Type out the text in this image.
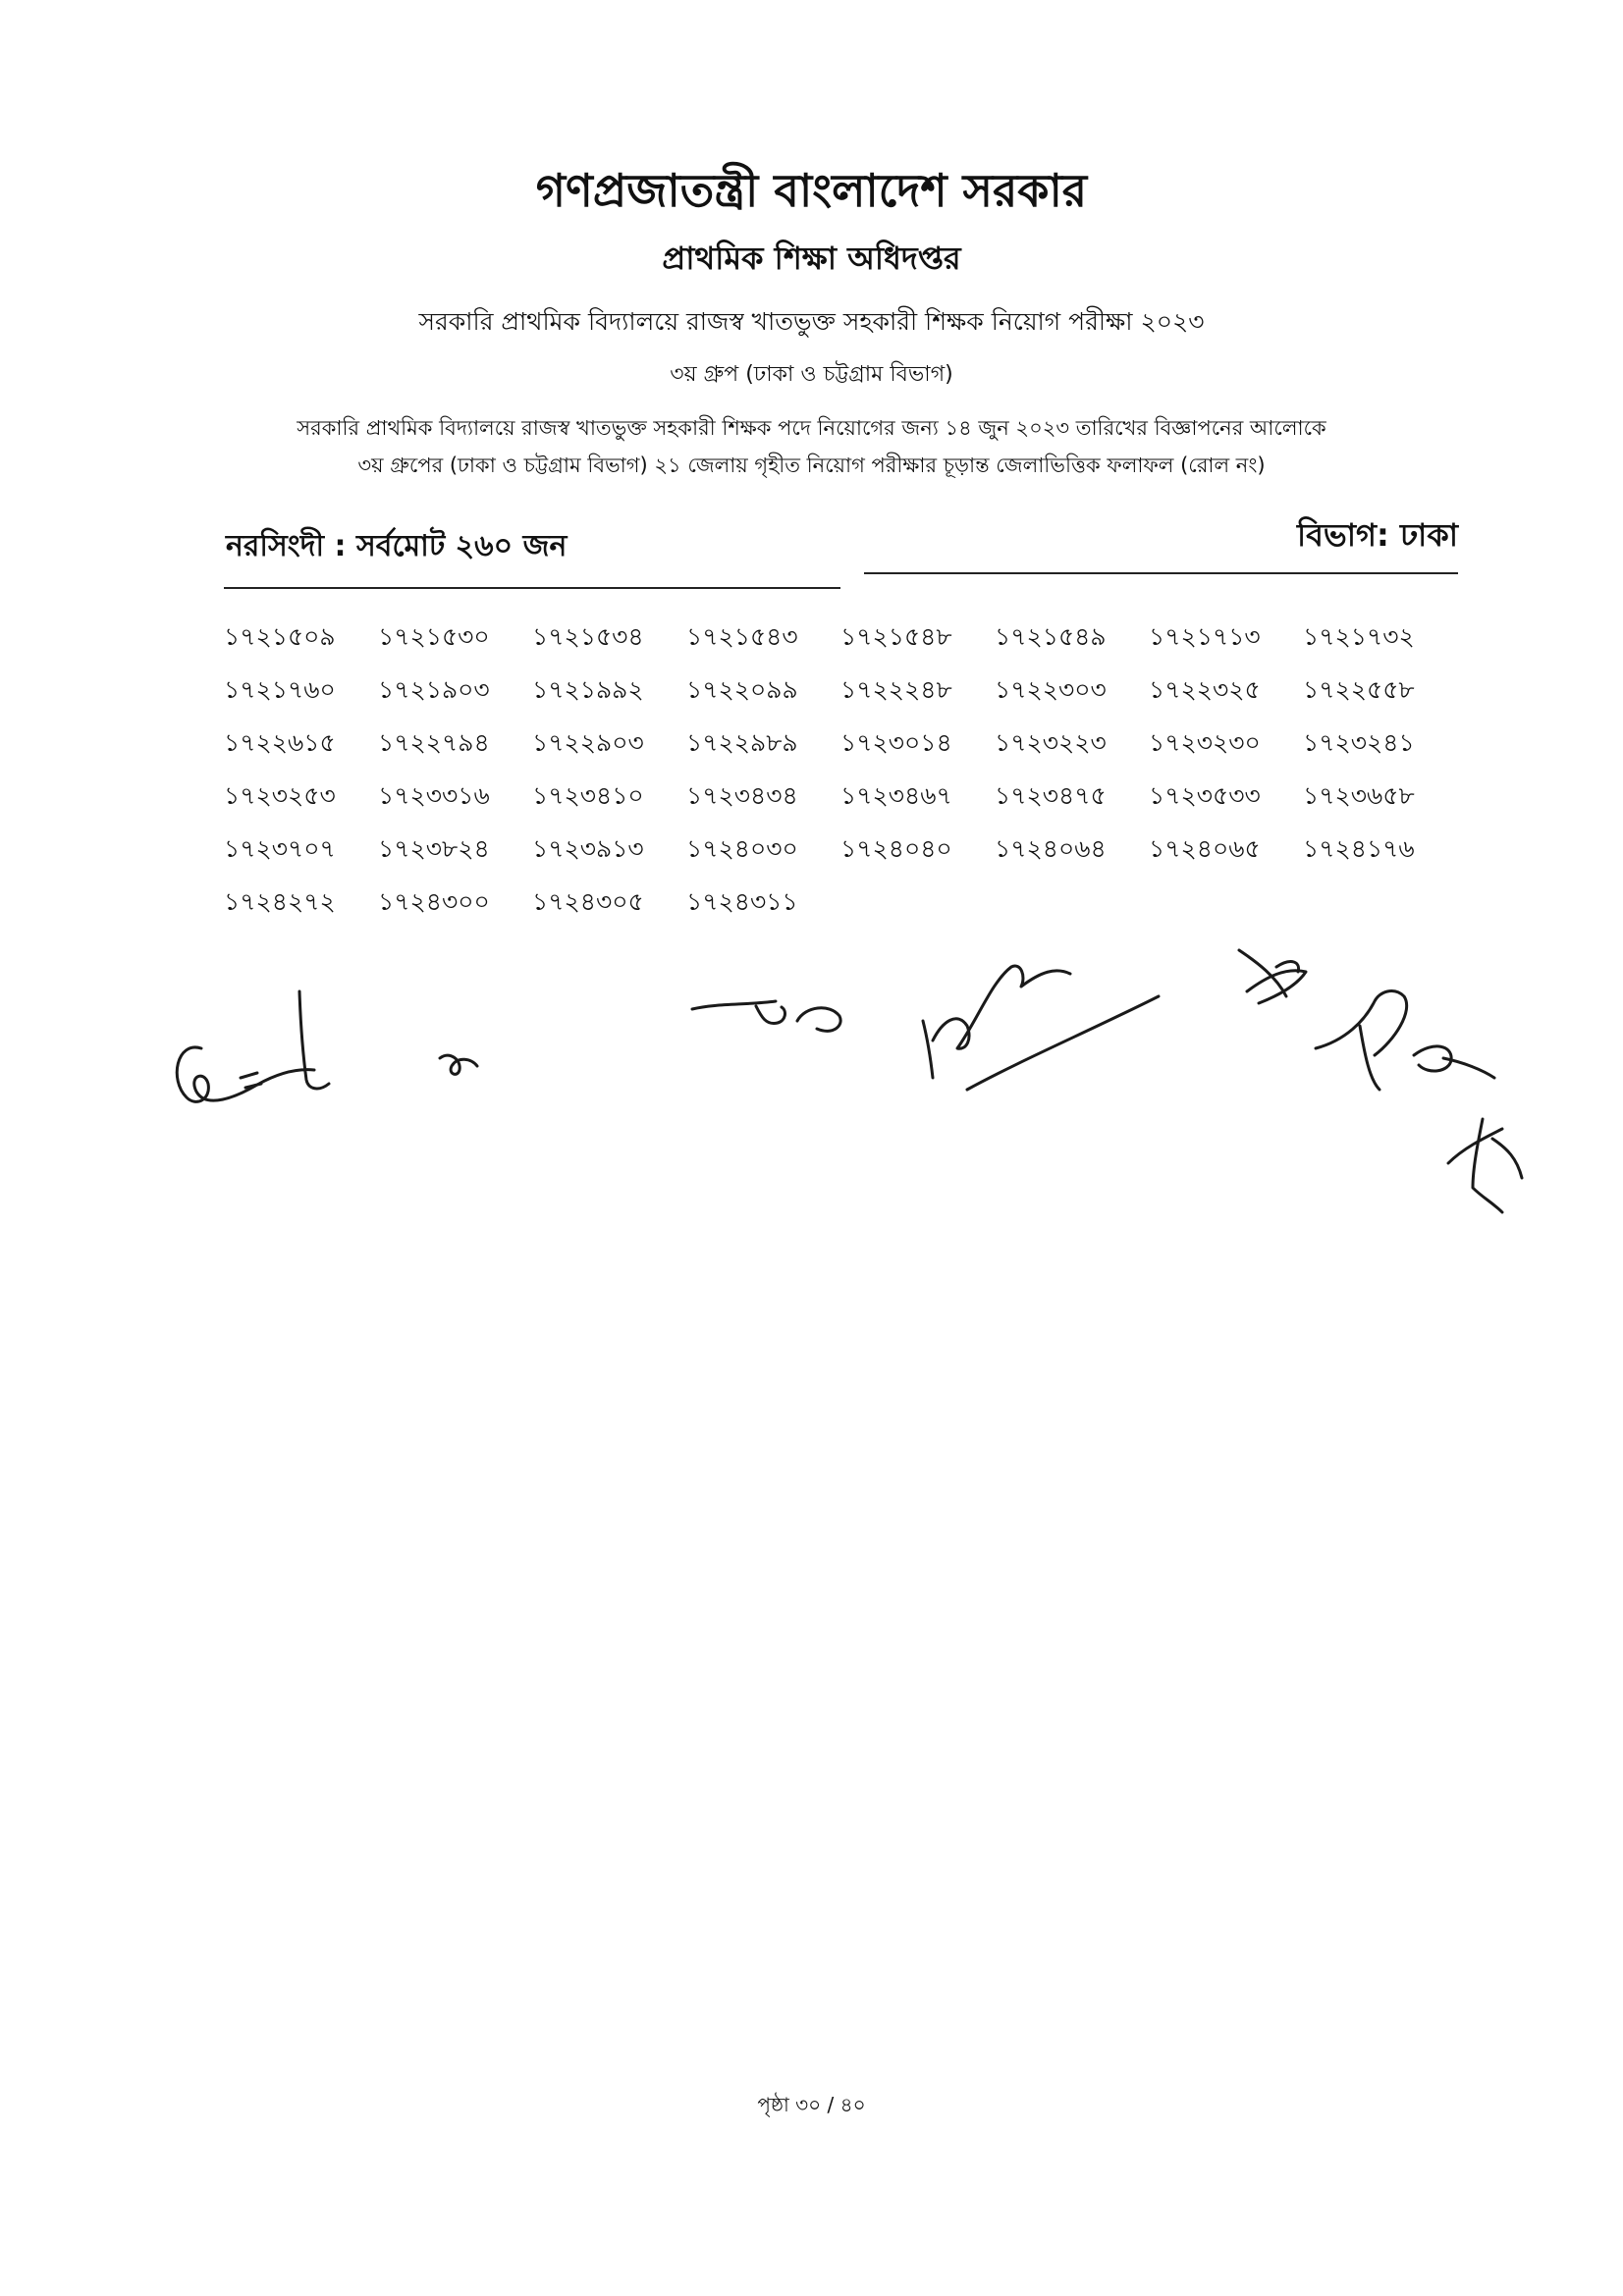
গণপ্রজাতন্ত্রী বাংলাদেশ সরকার
প্রাথমিক শিক্ষা অধিদপ্তর
সরকারি প্রাথমিক বিদ্যালয়ে রাজস্ব খাতভুক্ত সহকারী শিক্ষক নিয়োগ পরীক্ষা ২০২৩
৩য় গ্রুপ (ঢাকা ও চট্টগ্রাম বিভাগ)
সরকারি প্রাথমিক বিদ্যালয়ে রাজস্ব খাতভুক্ত সহকারী শিক্ষক পদে নিয়োগের জন্য ১৪ জুন ২০২৩ তারিখের বিজ্ঞাপনের আলোকে
৩য় গ্রুপের (ঢাকা ও চট্টগ্রাম বিভাগ) ২১ জেলায় গৃহীত নিয়োগ পরীক্ষার চূড়ান্ত জেলাভিত্তিক ফলাফল (রোল নং)
নরসিংদী : সর্বমোট ২৬০ জন	বিভাগ: ঢাকা
১৭২১৫০৯	১৭২১৫৩০	১৭২১৫৩৪	১৭২১৫৪৩	১৭২১৫৪৮	১৭২১৫৪৯	১৭২১৭১৩	১৭২১৭৩২
১৭২১৭৬০	১৭২১৯০৩	১৭২১৯৯২	১৭২২০৯৯	১৭২২২৪৮	১৭২২৩০৩	১৭২২৩২৫	১৭২২৫৫৮
১৭২২৬১৫	১৭২২৭৯৪	১৭২২৯০৩	১৭২২৯৮৯	১৭২৩০১৪	১৭২৩২২৩	১৭২৩২৩০	১৭২৩২৪১
১৭২৩২৫৩	১৭২৩৩১৬	১৭২৩৪১০	১৭২৩৪৩৪	১৭২৩৪৬৭	১৭২৩৪৭৫	১৭২৩৫৩৩	১৭২৩৬৫৮
১৭২৩৭০৭	১৭২৩৮২৪	১৭২৩৯১৩	১৭২৪০৩০	১৭২৪০৪০	১৭২৪০৬৪	১৭২৪০৬৫	১৭২৪১৭৬
১৭২৪২৭২	১৭২৪৩০০	১৭২৪৩০৫	১৭২৪৩১১
পৃষ্ঠা ৩০ / ৪০
